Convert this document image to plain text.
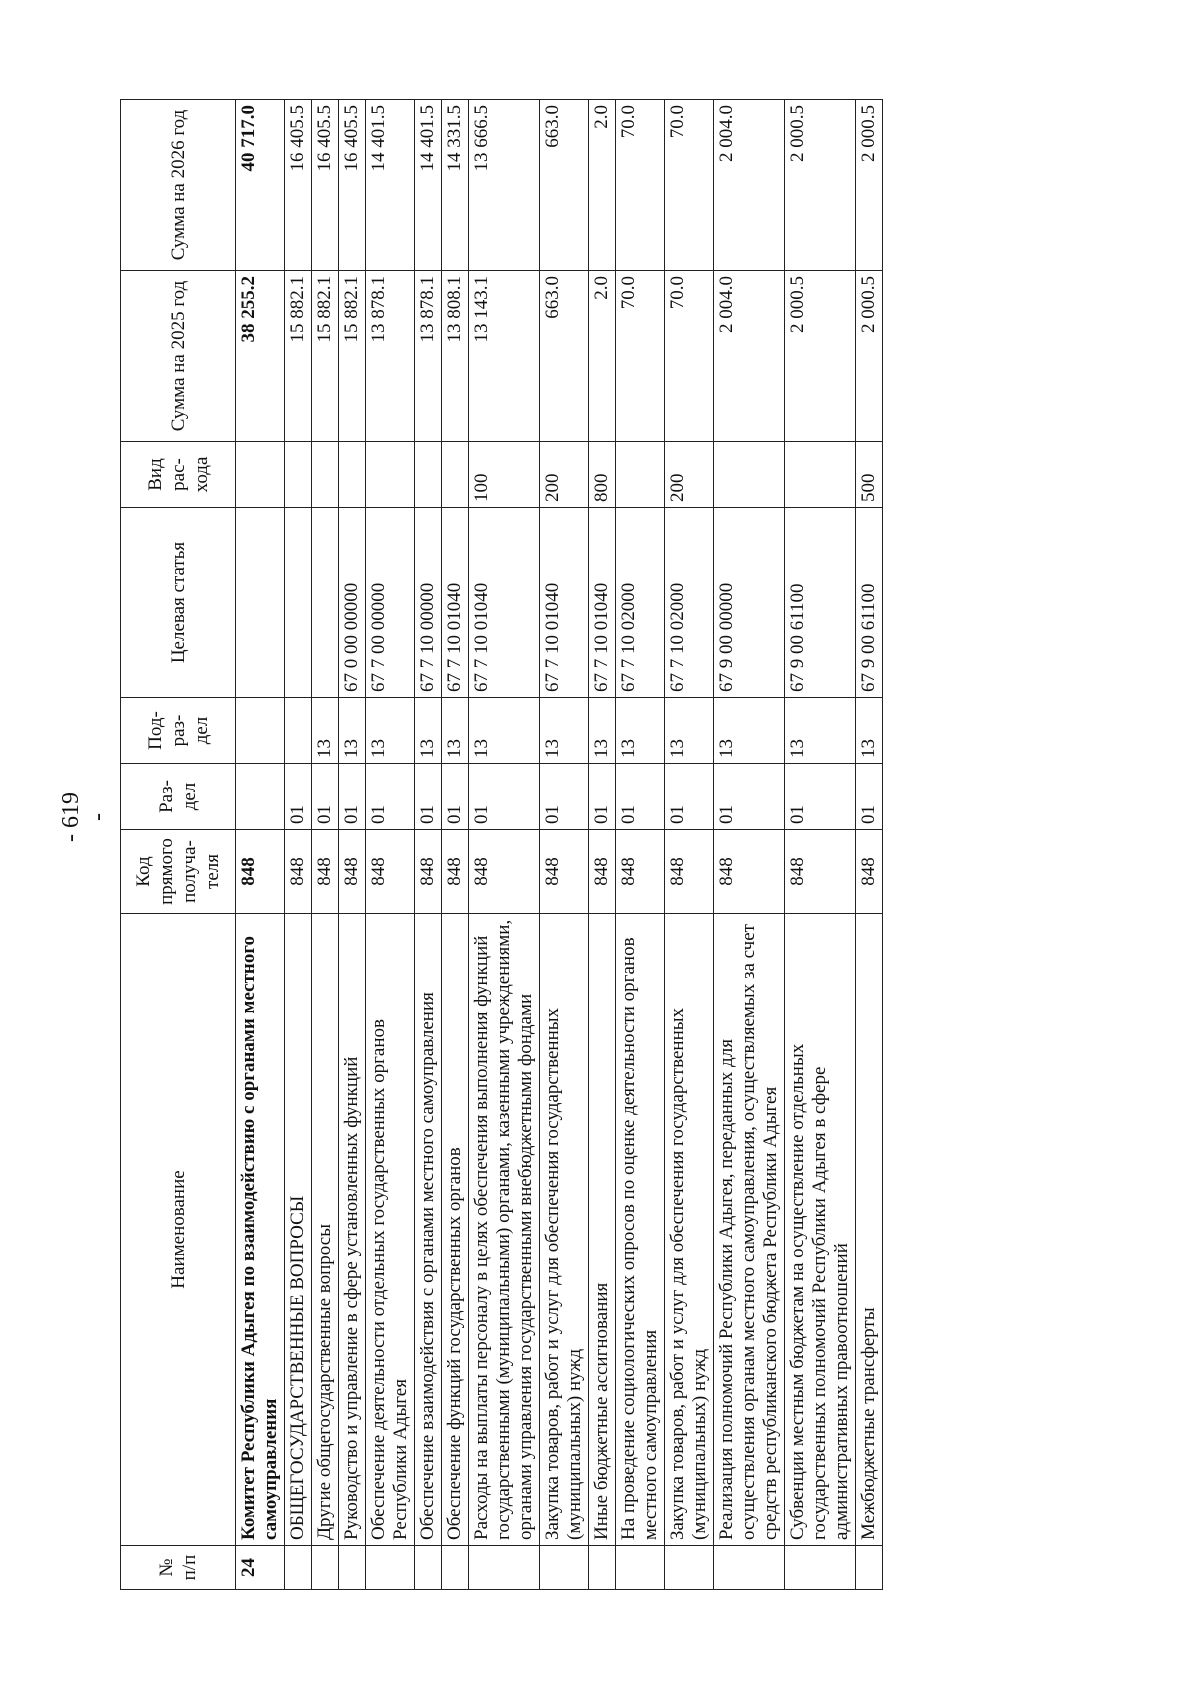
- 619 -
№ п/п	Наименование	Код прямого получа-теля	Раз-дел	Под-раз-дел	Целевая статья	Вид рас-хода	Сумма на 2025 год	Сумма на 2026 год
24	Комитет Республики Адыгея по взаимодействию с органами местного самоуправления	848					38 255.2	40 717.0
	ОБЩЕГОСУДАРСТВЕННЫЕ ВОПРОСЫ	848	01				15 882.1	16 405.5
	Другие общегосударственные вопросы	848	01	13			15 882.1	16 405.5
	Руководство и управление в сфере установленных функций	848	01	13	67 0 00 00000		15 882.1	16 405.5
	Обеспечение деятельности отдельных государственных органов Республики Адыгея	848	01	13	67 7 00 00000		13 878.1	14 401.5
	Обеспечение взаимодействия с органами местного самоуправления	848	01	13	67 7 10 00000		13 878.1	14 401.5
	Обеспечение функций государственных органов	848	01	13	67 7 10 01040		13 808.1	14 331.5
	Расходы на выплаты персоналу в целях обеспечения выполнения функций государственными (муниципальными) органами, казенными учреждениями, органами управления государственными внебюджетными фондами	848	01	13	67 7 10 01040	100	13 143.1	13 666.5
	Закупка товаров, работ и услуг для обеспечения государственных (муниципальных) нужд	848	01	13	67 7 10 01040	200	663.0	663.0
	Иные бюджетные ассигнования	848	01	13	67 7 10 01040	800	2.0	2.0
	На проведение социологических опросов по оценке деятельности органов местного самоуправления	848	01	13	67 7 10 02000		70.0	70.0
	Закупка товаров, работ и услуг для обеспечения государственных (муниципальных) нужд	848	01	13	67 7 10 02000	200	70.0	70.0
	Реализация полномочий Республики Адыгея, переданных для осуществления органам местного самоуправления, осуществляемых за счет средств республиканского бюджета Республики Адыгея	848	01	13	67 9 00 00000		2 004.0	2 004.0
	Субвенции местным бюджетам на осуществление отдельных государственных полномочий Республики Адыгея в сфере административных правоотношений	848	01	13	67 9 00 61100		2 000.5	2 000.5
	Межбюджетные трансферты	848	01	13	67 9 00 61100	500	2 000.5	2 000.5
